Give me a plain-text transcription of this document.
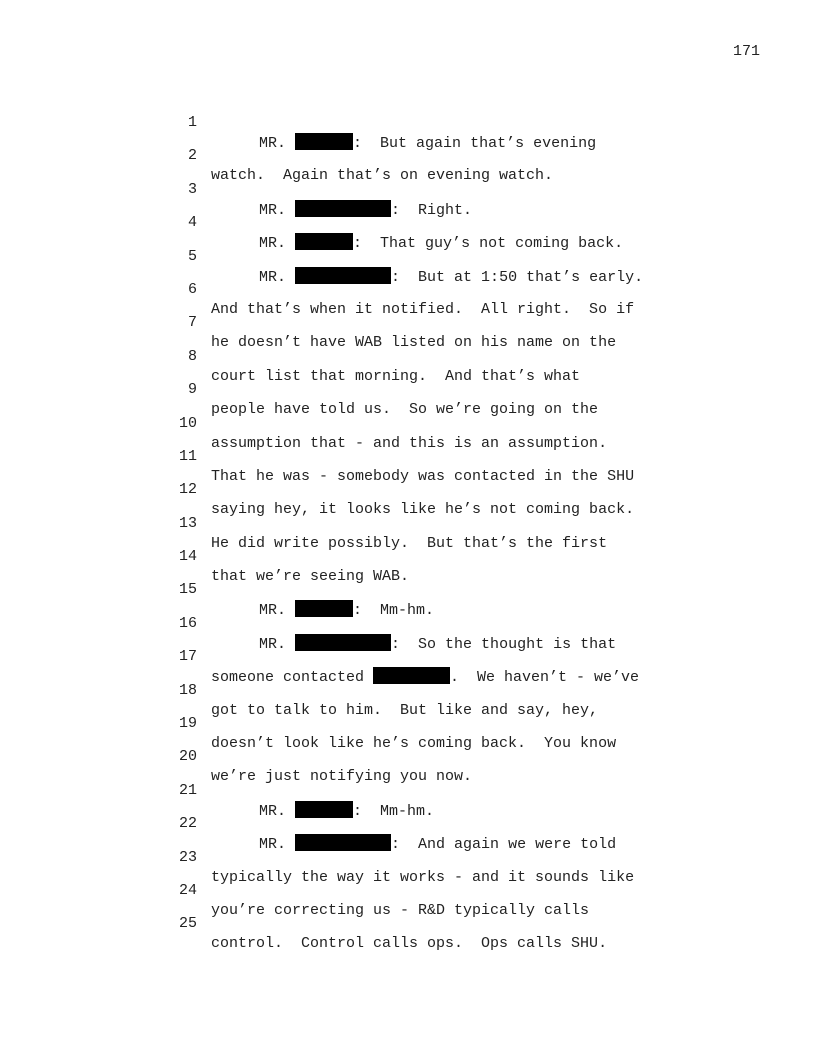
171

1

MR.	:  But again that’s evening

2

watch.  Again that’s on evening watch.

3

MR.	:  Right.

4

MR.	:  That guy’s not coming back.

5

MR.	:  But at 1:50 that’s early.

6

And that’s when it notified.  All right.  So if

7

he doesn’t have WAB listed on his name on the

8

court list that morning.  And that’s what

9

people have told us.  So we’re going on the

10

assumption that - and this is an assumption.

11

That he was - somebody was contacted in the SHU

12

saying hey, it looks like he’s not coming back.

13

He did write possibly.  But that’s the first

14

that we’re seeing WAB.

15

MR.	:  Mm-hm.

16

MR.	:  So the thought is that

17

someone contacted	.  We haven’t - we’ve

18

got to talk to him.  But like and say, hey,

19

doesn’t look like he’s coming back.  You know

20

we’re just notifying you now.

21

MR.	:  Mm-hm.

22

MR.	:  And again we were told

23

typically the way it works - and it sounds like

24

you’re correcting us - R&D typically calls

25

control.  Control calls ops.  Ops calls SHU.
